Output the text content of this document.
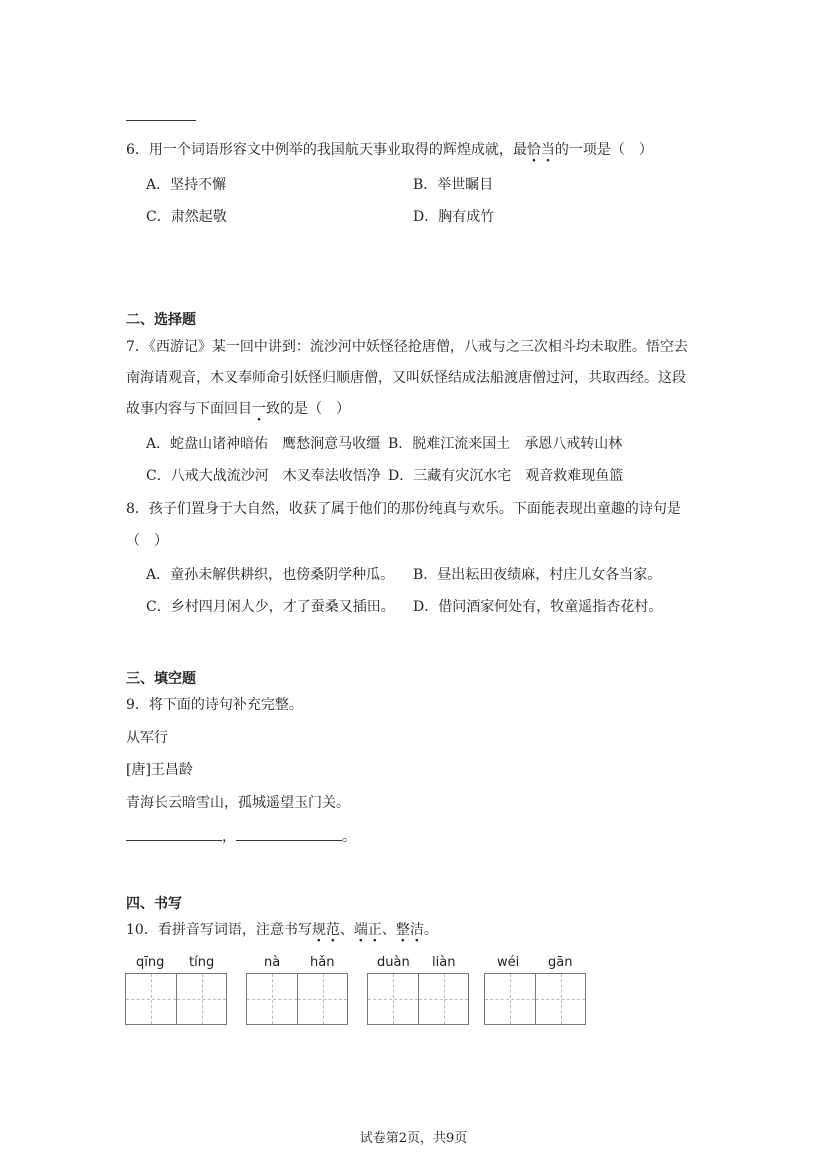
6．用一个词语形容文中例举的我国航天事业取得的辉煌成就，最恰当的一项是（　）
A．坚持不懈	B．举世瞩目
C．肃然起敬	D．胸有成竹
二、选择题
7．《西游记》某一回中讲到：流沙河中妖怪径抢唐僧，八戒与之三次相斗均未取胜。悟空去
南海请观音，木叉奉师命引妖怪归顺唐僧，又叫妖怪结成法船渡唐僧过河，共取西经。这段
故事内容与下面回目一致的是（　）
A．蛇盘山诸神暗佑　鹰愁涧意马收缰 B．脱难江流来国土　承恩八戒转山林
C．八戒大战流沙河　木叉奉法收悟净 D．三藏有灾沉水宅　观音救难现鱼篮
8．孩子们置身于大自然，收获了属于他们的那份纯真与欢乐。下面能表现出童趣的诗句是
（　）
A．童孙未解供耕织，也傍桑阴学种瓜。 B．昼出耘田夜绩麻，村庄儿女各当家。
C．乡村四月闲人少，才了蚕桑又插田。 D．借问酒家何处有，牧童遥指杏花村。
三、填空题
9．将下面的诗句补充完整。
从军行
[唐]王昌龄
青海长云暗雪山，孤城遥望玉门关。
，	。
四、书写
10．看拼音写词语，注意书写规范、端正、整洁。
qīng tíng	nà hǎn	duàn liàn	wéi gān
试卷第2页，共9页
